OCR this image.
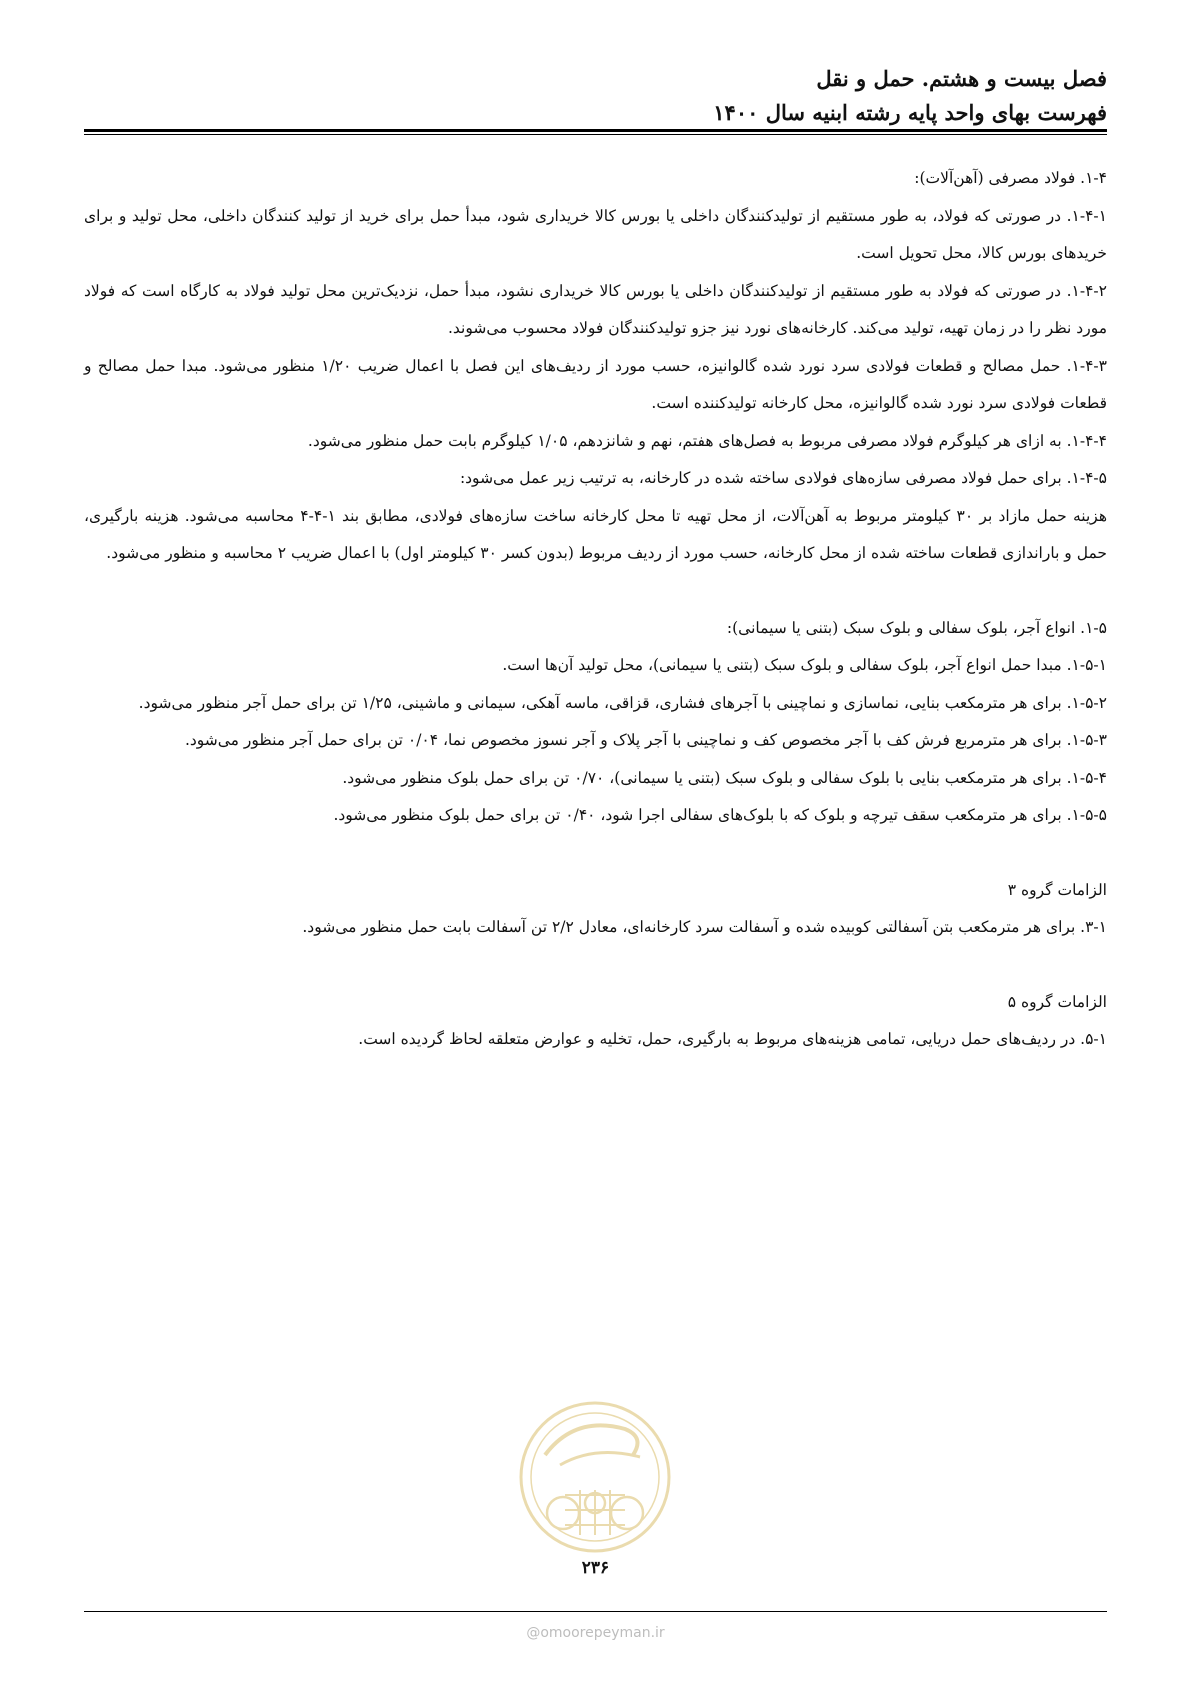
فصل بیست و هشتم. حمل و نقل
فهرست بهای واحد پایه رشته ابنیه سال ۱۴۰۰

۱-۴. فولاد مصرفی (آهن‌آلات):

۱-۴-۱. در صورتی که فولاد، به طور مستقیم از تولیدکنندگان داخلی یا بورس کالا خریداری شود، مبدأ حمل برای خرید از تولید کنندگان داخلی، محل تولید و برای خریدهای بورس کالا، محل تحویل است.

۱-۴-۲. در صورتی که فولاد به طور مستقیم از تولیدکنندگان داخلی یا بورس کالا خریداری نشود، مبدأ حمل، نزدیک‌ترین محل تولید فولاد به کارگاه است که فولاد مورد نظر را در زمان تهیه، تولید می‌کند. کارخانه‌های نورد نیز جزو تولیدکنندگان فولاد محسوب می‌شوند.

۱-۴-۳. حمل مصالح و قطعات فولادی سرد نورد شده گالوانیزه، حسب مورد از ردیف‌های این فصل با اعمال ضریب ۱/۲۰ منظور می‌شود. مبدا حمل مصالح و قطعات فولادی سرد نورد شده گالوانیزه، محل کارخانه تولیدکننده است.

۱-۴-۴. به ازای هر کیلوگرم فولاد مصرفی مربوط به فصل‌های هفتم، نهم و شانزدهم، ۱/۰۵ کیلوگرم بابت حمل منظور می‌شود.

۱-۴-۵. برای حمل فولاد مصرفی سازه‌های فولادی ساخته شده در کارخانه، به ترتیب زیر عمل می‌شود:

هزینه حمل مازاد بر ۳۰ کیلومتر مربوط به آهن‌آلات، از محل تهیه تا محل کارخانه ساخت سازه‌های فولادی، مطابق بند ۱-۴-۴ محاسبه می‌شود. هزینه بارگیری، حمل و باراندازی قطعات ساخته شده از محل کارخانه، حسب مورد از ردیف مربوط (بدون کسر ۳۰ کیلومتر اول) با اعمال ضریب ۲ محاسبه و منظور می‌شود.

۱-۵. انواع آجر، بلوک سفالی و بلوک سبک (بتنی یا سیمانی):

۱-۵-۱. مبدا حمل انواع آجر، بلوک سفالی و بلوک سبک (بتنی یا سیمانی)، محل تولید آن‌ها است.

۱-۵-۲. برای هر مترمکعب بنایی، نماسازی و نماچینی با آجرهای فشاری، قزاقی، ماسه آهکی، سیمانی و ماشینی، ۱/۲۵ تن برای حمل آجر منظور می‌شود.

۱-۵-۳. برای هر مترمربع فرش کف با آجر مخصوص کف و نماچینی با آجر پلاک و آجر نسوز مخصوص نما، ۰/۰۴ تن برای حمل آجر منظور می‌شود.

۱-۵-۴. برای هر مترمکعب بنایی با بلوک سفالی و بلوک سبک (بتنی یا سیمانی)، ۰/۷۰ تن برای حمل بلوک منظور می‌شود.

۱-۵-۵. برای هر مترمکعب سقف تیرچه و بلوک که با بلوک‌های سفالی اجرا شود، ۰/۴۰ تن برای حمل بلوک منظور می‌شود.

الزامات گروه ۳

۳-۱. برای هر مترمکعب بتن آسفالتی کوبیده شده و آسفالت سرد کارخانه‌ای، معادل ۲/۲ تن آسفالت بابت حمل منظور می‌شود.

الزامات گروه ۵

۵-۱. در ردیف‌های حمل دریایی، تمامی هزینه‌های مربوط به بارگیری، حمل، تخلیه و عوارض متعلقه لحاظ گردیده است.

۲۳۶
@omoorepeyman.ir
